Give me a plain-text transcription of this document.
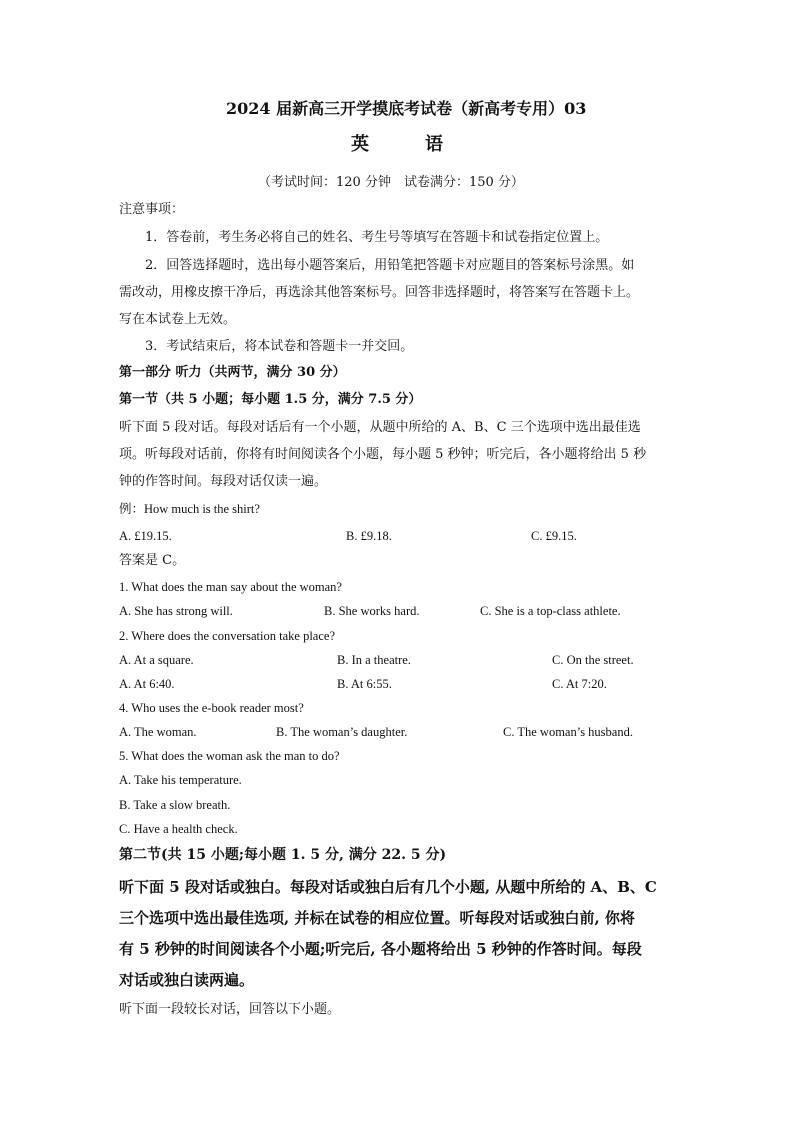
2024 届新高三开学摸底考试卷（新高考专用）03
英	语
（考试时间：120 分钟　试卷满分：150 分）
注意事项：
1．答卷前，考生务必将自己的姓名、考生号等填写在答题卡和试卷指定位置上。
2．回答选择题时，选出每小题答案后，用铅笔把答题卡对应题目的答案标号涂黑。如
需改动，用橡皮擦干净后，再选涂其他答案标号。回答非选择题时，将答案写在答题卡上。
写在本试卷上无效。
3．考试结束后，将本试卷和答题卡一并交回。
第一部分 听力（共两节，满分 30 分）
第一节（共 5 小题；每小题 1.5 分，满分 7.5 分）
听下面 5 段对话。每段对话后有一个小题，从题中所给的 A、B、C 三个选项中选出最佳选
项。听每段对话前，你将有时间阅读各个小题，每小题 5 秒钟；听完后，各小题将给出 5 秒
钟的作答时间。每段对话仅读一遍。
例：How much is the shirt?
A. £19.15.	B. £9.18.	C. £9.15.
答案是 C。
1. What does the man say about the woman?
A. She has strong will.	B. She works hard.	C. She is a top-class athlete.
2. Where does the conversation take place?
A. At a square.	B. In a theatre.	C. On the street.
A. At 6:40.	B. At 6:55.	C. At 7:20.
4. Who uses the e-book reader most?
A. The woman.	B. The woman’s daughter.	C. The woman’s husband.
5. What does the woman ask the man to do?
A. Take his temperature.
B. Take a slow breath.
C. Have a health check.
第二节(共 15 小题;每小题 1. 5 分, 满分 22. 5 分)
听下面 5 段对话或独白。每段对话或独白后有几个小题, 从题中所给的 A、B、C
三个选项中选出最佳选项, 并标在试卷的相应位置。听每段对话或独白前, 你将
有 5 秒钟的时间阅读各个小题;听完后, 各小题将给出 5 秒钟的作答时间。每段
对话或独白读两遍。
听下面一段较长对话，回答以下小题。
